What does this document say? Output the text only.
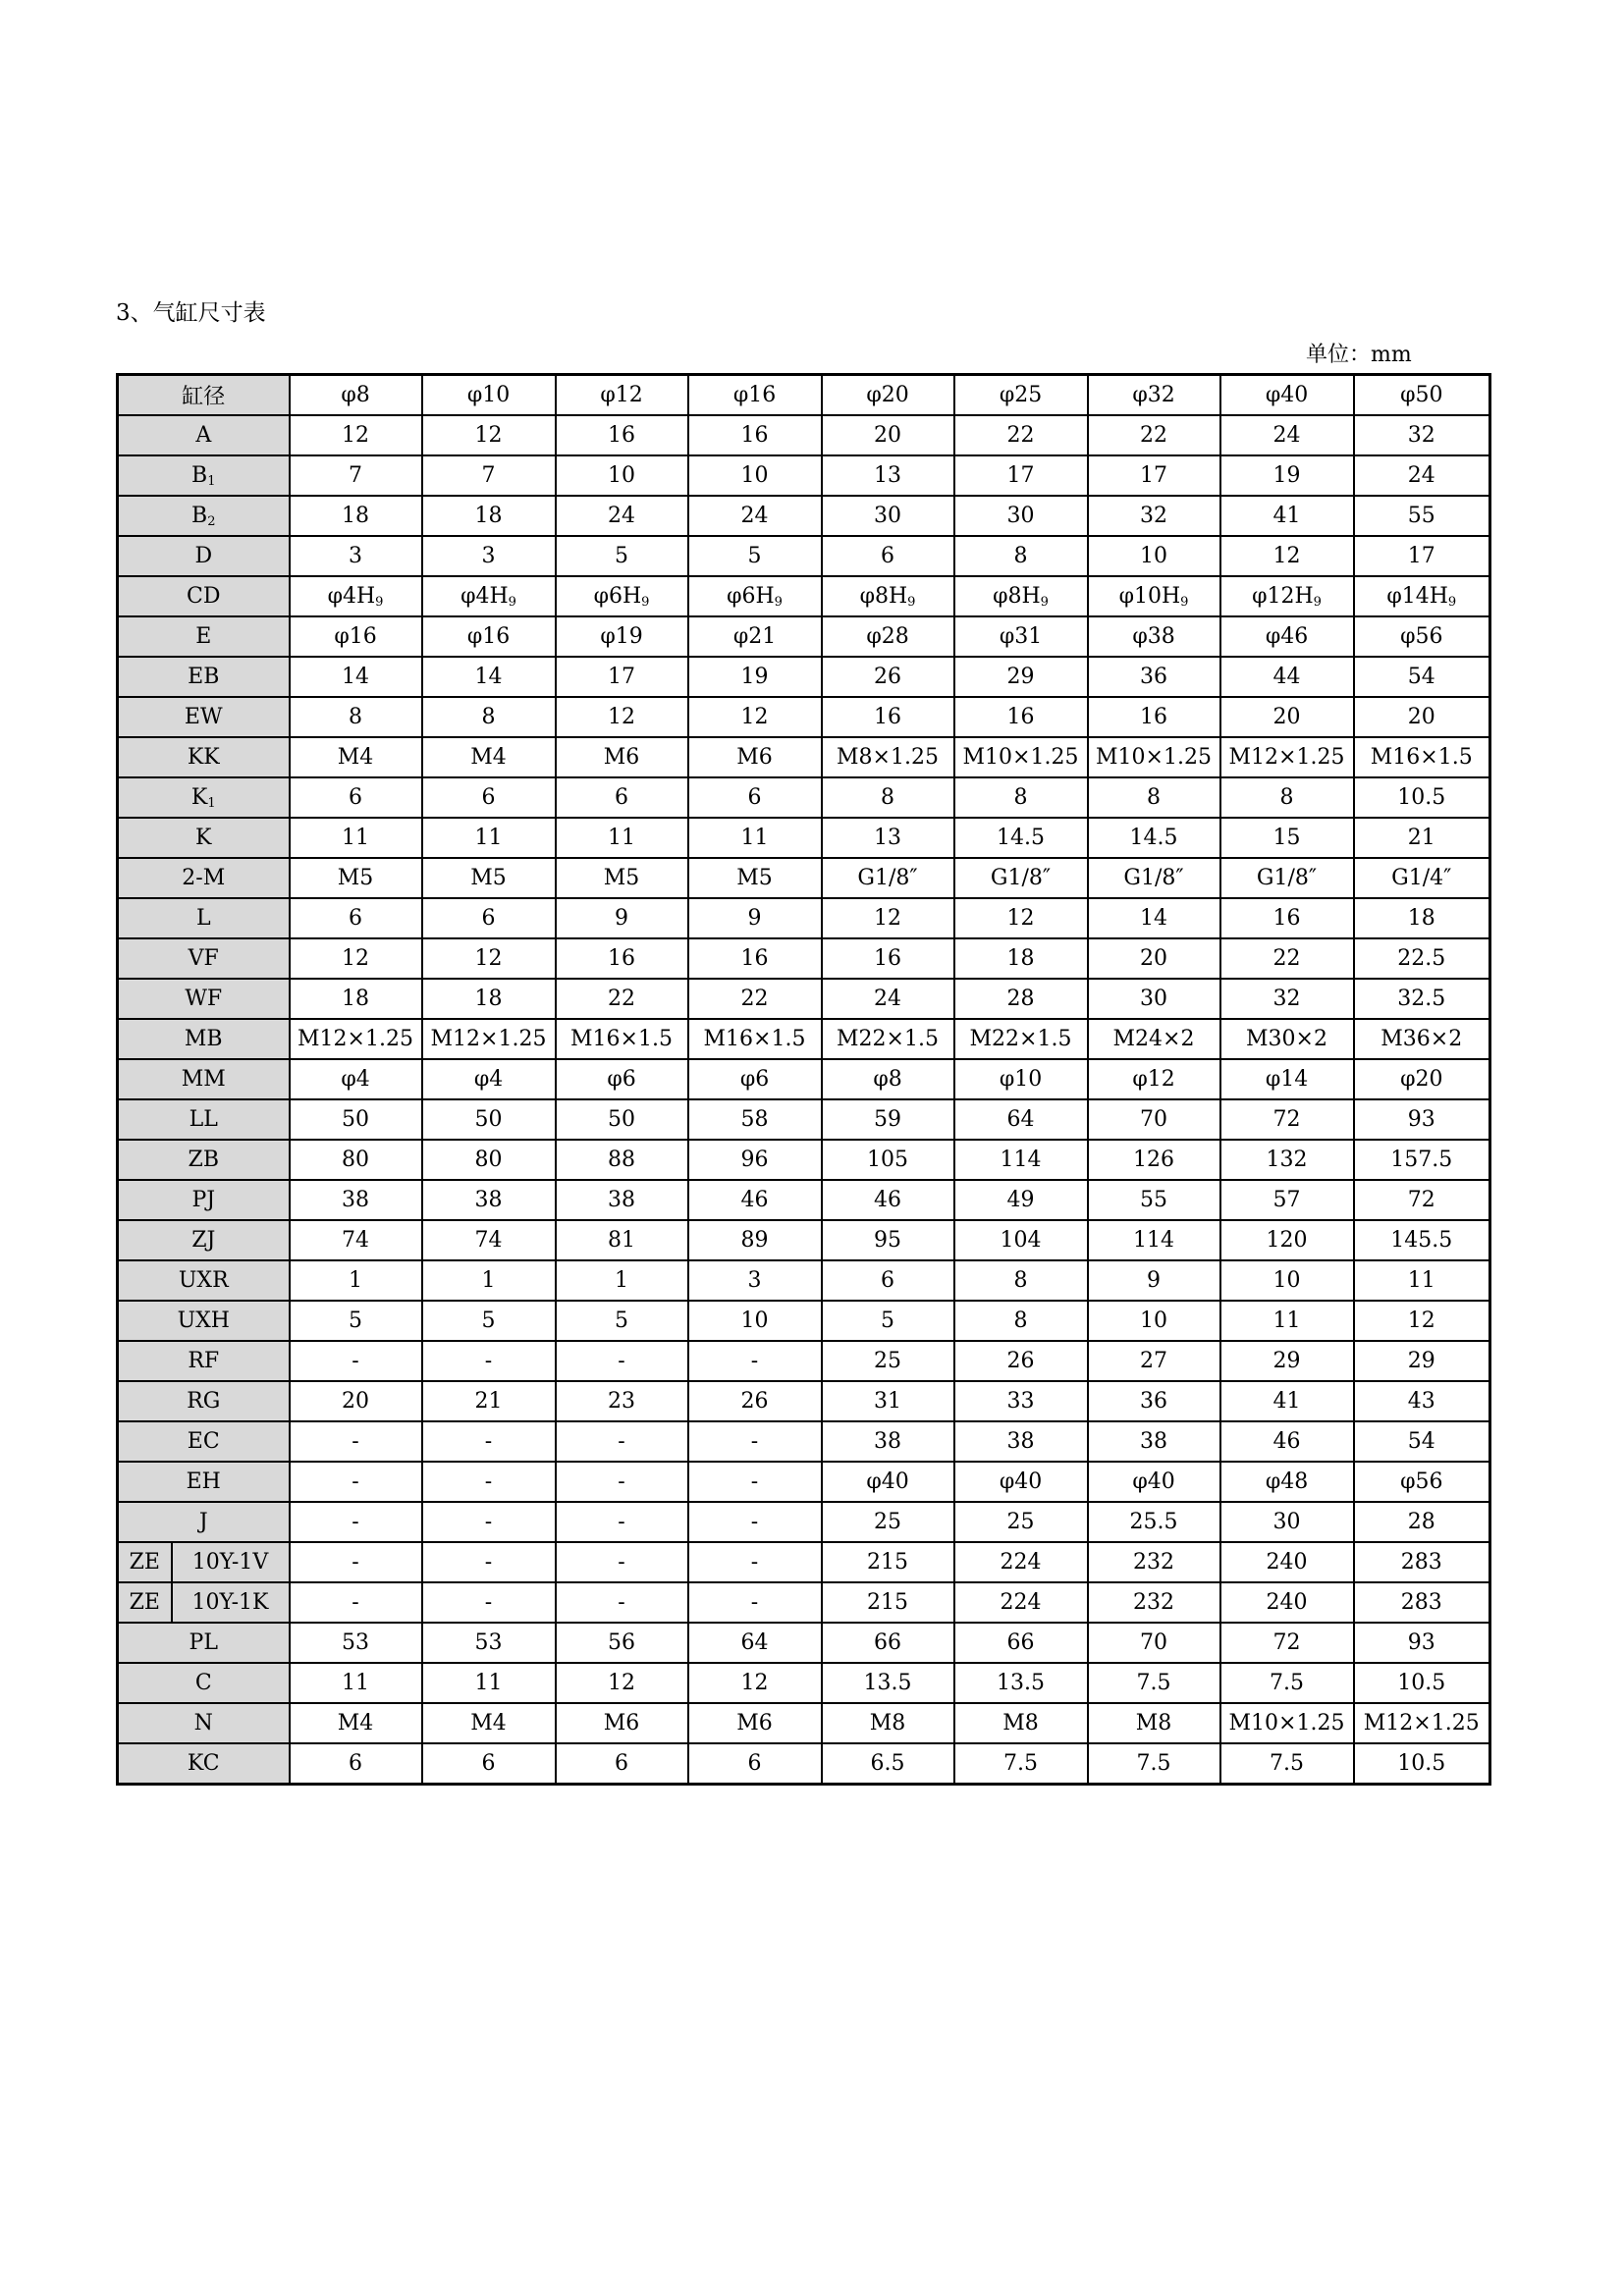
3、气缸尺寸表
单位：mm
缸径		φ8	φ10	φ12	φ16	φ20	φ25	φ32	φ40	φ50
A		12	12	16	16	20	22	22	24	32
$B_1$		7	7	10	10	13	17	17	19	24
$B_2$		18	18	24	24	30	30	32	41	55
D		3	3	5	5	6	8	10	12	17
CD		$\varphi 4H_9$	$\varphi 4H_9$	$\varphi 6H_9$	$\varphi 6H_9$	$\varphi 8H_9$	$\varphi 8H_9$	$\varphi 10H_9$	$\varphi 12H_9$	$\varphi 14H_9$
E		φ16	φ16	φ19	φ21	φ28	φ31	φ38	φ46	φ56
EB		14	14	17	19	26	29	36	44	54
EW		8	8	12	12	16	16	16	20	20
KK		M4	M4	M6	M6	M8×1.25	M10×1.25	M10×1.25	M12×1.25	M16×1.5
$K_1$		6	6	6	6	8	8	8	8	10.5
K		11	11	11	11	13	14.5	14.5	15	21
2-M		M5	M5	M5	M5	G1/8″	G1/8″	G1/8″	G1/8″	G1/4″
L		6	6	9	9	12	12	14	16	18
VF		12	12	16	16	16	18	20	22	22.5
WF		18	18	22	22	24	28	30	32	32.5
MB		M12×1.25	M12×1.25	M16×1.5	M16×1.5	M22×1.5	M22×1.5	M24×2	M30×2	M36×2
MM		φ4	φ4	φ6	φ6	φ8	φ10	φ12	φ14	φ20
LL		50	50	50	58	59	64	70	72	93
ZB		80	80	88	96	105	114	126	132	157.5
PJ		38	38	38	46	46	49	55	57	72
ZJ		74	74	81	89	95	104	114	120	145.5
UXR		1	1	1	3	6	8	9	10	11
UXH		5	5	5	10	5	8	10	11	12
RF		-	-	-	-	25	26	27	29	29
RG		20	21	23	26	31	33	36	41	43
EC		-	-	-	-	38	38	38	46	54
EH		-	-	-	-	φ40	φ40	φ40	φ48	φ56
J		-	-	-	-	25	25	25.5	30	28
ZE	10Y-1V	-	-	-	-	215	224	232	240	283
ZE	10Y-1K	-	-	-	-	215	224	232	240	283
PL		53	53	56	64	66	66	70	72	93
C		11	11	12	12	13.5	13.5	7.5	7.5	10.5
N		M4	M4	M6	M6	M8	M8	M8	M10×1.25	M12×1.25
KC		6	6	6	6	6.5	7.5	7.5	7.5	10.5
